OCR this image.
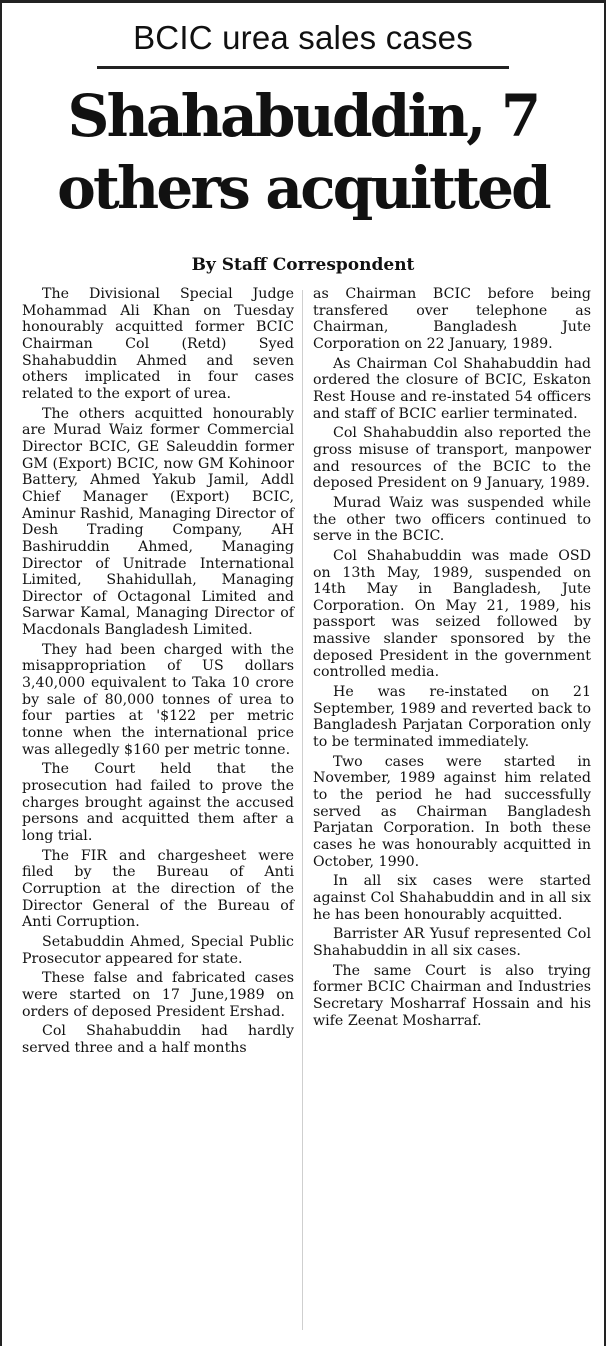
BCIC urea sales cases
Shahabuddin, 7 others acquitted
By Staff Correspondent

The Divisional Special Judge Mohammad Ali Khan on Tuesday honourably acquitted former BCIC Chairman Col (Retd) Syed Shahabuddin Ahmed and seven others implicated in four cases related to the export of urea.

The others acquitted honourably are Murad Waiz former Commercial Director BCIC, GE Saleuddin former GM (Export) BCIC, now GM Kohinoor Battery, Ahmed Yakub Jamil, Addl Chief Manager (Export) BCIC, Aminur Rashid, Managing Director of Desh Trading Company, AH Bashiruddin Ahmed, Managing Director of Unitrade International Limited, Shahidullah, Managing Director of Octagonal Limited and Sarwar Kamal, Managing Director of Macdonals Bangladesh Limited.

They had been charged with the misappropriation of US dollars 3,40,000 equivalent to Taka 10 crore by sale of 80,000 tonnes of urea to four parties at '$122 per metric tonne when the international price was allegedly $160 per metric tonne.

The Court held that the prosecution had failed to prove the charges brought against the accused persons and acquitted them after a long trial.

The FIR and chargesheet were filed by the Bureau of Anti Corruption at the direction of the Director General of the Bureau of Anti Corruption.

Setabuddin Ahmed, Special Public Prosecutor appeared for state.

These false and fabricated cases were started on 17 June,1989 on orders of deposed President Ershad.

Col Shahabuddin had hardly served three and a half months

as Chairman BCIC before being transfered over telephone as Chairman, Bangladesh Jute Corporation on 22 January, 1989.

As Chairman Col Shahabuddin had ordered the closure of BCIC, Eskaton Rest House and re-instated 54 officers and staff of BCIC earlier terminated.

Col Shahabuddin also reported the gross misuse of transport, manpower and resources of the BCIC to the deposed President on 9 January, 1989.

Murad Waiz was suspended while the other two officers continued to serve in the BCIC.

Col Shahabuddin was made OSD on 13th May, 1989, suspended on 14th May in Bangladesh, Jute Corporation. On May 21, 1989, his passport was seized followed by massive slander sponsored by the deposed President in the government controlled media.

He was re-instated on 21 September, 1989 and reverted back to Bangladesh Parjatan Corporation only to be terminated immediately.

Two cases were started in November, 1989 against him related to the period he had successfully served as Chairman Bangladesh Parjatan Corporation. In both these cases he was honourably acquitted in October, 1990.

In all six cases were started against Col Shahabuddin and in all six he has been honourably acquitted.

Barrister AR Yusuf represented Col Shahabuddin in all six cases.

The same Court is also trying former BCIC Chairman and Industries Secretary Mosharraf Hossain and his wife Zeenat Mosharraf.
